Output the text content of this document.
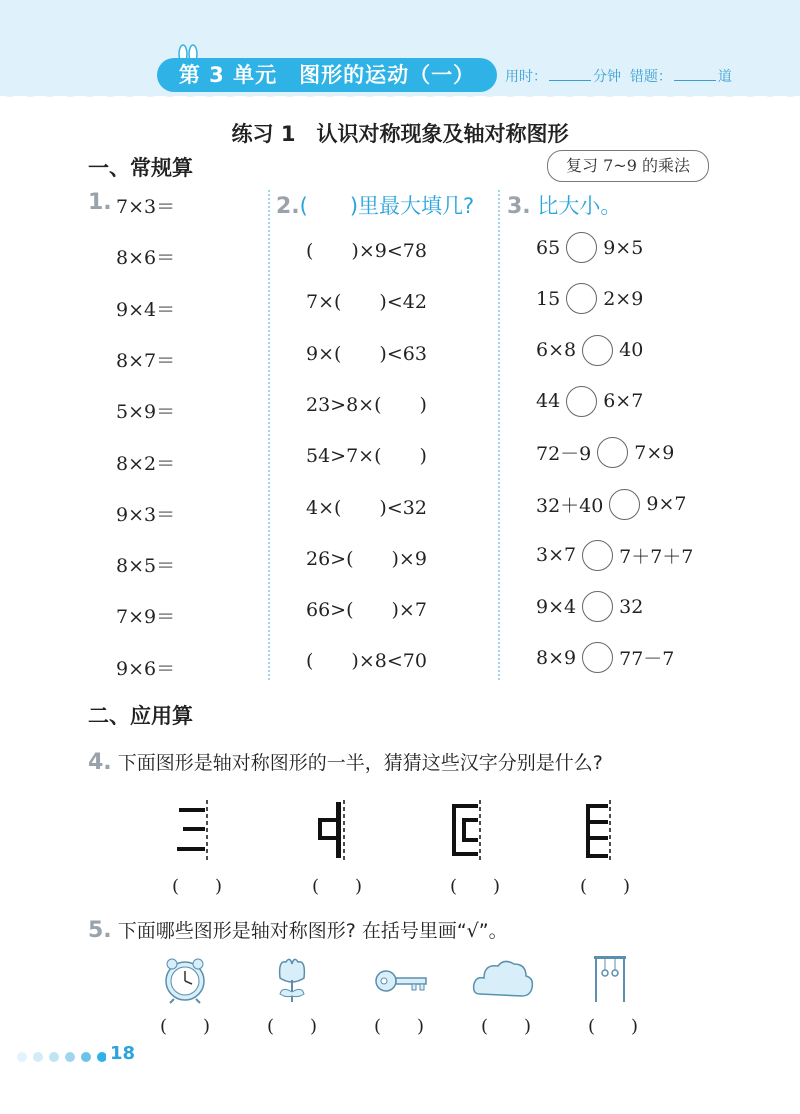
第 3 单元　图形的运动（一）	用时：	分钟 错题：	道
练习 1　认识对称现象及轴对称图形
一、常规算	复习 7~9 的乘法
1.	2.(　　)里最大填几? 3. 比大小。
7×3＝
8×6＝
9×4＝
8×7＝
5×9＝
8×2＝
9×3＝
8×5＝
7×9＝
9×6＝
(　　)×9<78
7×(　　)<42
9×(　　)<63
23>8×(　　)
54>7×(　　)
4×(　　)<32
26>(　　)×9
66>(　　)×7
(　　)×8<70
65 9×5
15 2×9
6×8 40
44 6×7
72－9 7×9
32＋40 9×7
3×7 7＋7＋7
9×4 32
8×9 77－7
二、应用算
4. 下面图形是轴对称图形的一半，猜猜这些汉字分别是什么?
(　　)	(　　)	(　　)	(　　)
5. 下面哪些图形是轴对称图形? 在括号里画“√”。
(　　)	(　　)	(　　)	(　　)	(　　)
18
